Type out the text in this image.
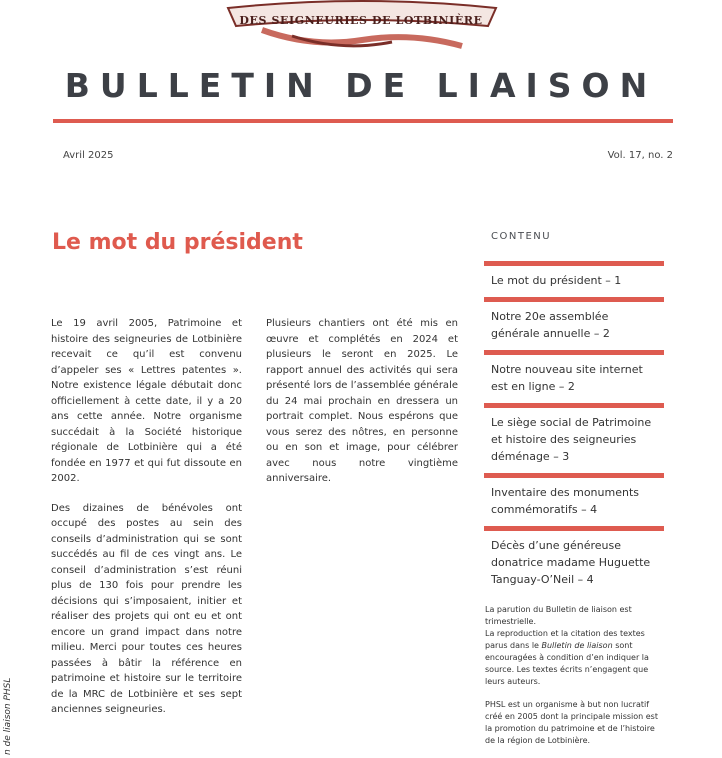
DES SEIGNEURIES DE LOTBINIÈRE
BULLETIN DE LIAISON
Avril 2025	Vol. 17, no. 2
Le mot du président

Le 19 avril 2005, Patrimoine et histoire des seigneuries de Lotbinière recevait ce qu’il est convenu d’appeler ses « Lettres patentes ». Notre existence légale débutait donc officiellement à cette date, il y a 20 ans cette année. Notre organisme succédait à la Société historique régionale de Lotbinière qui a été fondée en 1977 et qui fut dissoute en 2002.

Des dizaines de bénévoles ont occupé des postes au sein des conseils d’administration qui se sont succédés au fil de ces vingt ans. Le conseil d’administration s’est réuni plus de 130 fois pour prendre les décisions qui s’imposaient, initier et réaliser des projets qui ont eu et ont encore un grand impact dans notre milieu. Merci pour toutes ces heures passées à bâtir la référence en patrimoine et histoire sur le territoire de la MRC de Lotbinière et ses sept anciennes seigneuries.

Plusieurs chantiers ont été mis en œuvre et complétés en 2024 et plusieurs le seront en 2025. Le rapport annuel des activités qui sera présenté lors de l’assemblée générale du 24 mai prochain en dressera un portrait complet. Nous espérons que vous serez des nôtres, en personne ou en son et image, pour célébrer avec nous notre vingtième anniversaire.

CONTENU
Le mot du président – 1
Notre 20e assemblée générale annuelle – 2
Notre nouveau site internet est en ligne – 2
Le siège social de Patrimoine et histoire des seigneuries déménage – 3
Inventaire des monuments commémoratifs – 4
Décès d’une généreuse donatrice madame Huguette Tanguay-O’Neil – 4

La parution du Bulletin de liaison est trimestrielle.
La reproduction et la citation des textes parus dans le Bulletin de liaison sont encouragées à condition d’en indiquer la source. Les textes écrits n’engagent que leurs auteurs.

PHSL est un organisme à but non lucratif créé en 2005 dont la principale mission est la promotion du patrimoine et de l’histoire de la région de Lotbinière.

n de liaison PHSL
